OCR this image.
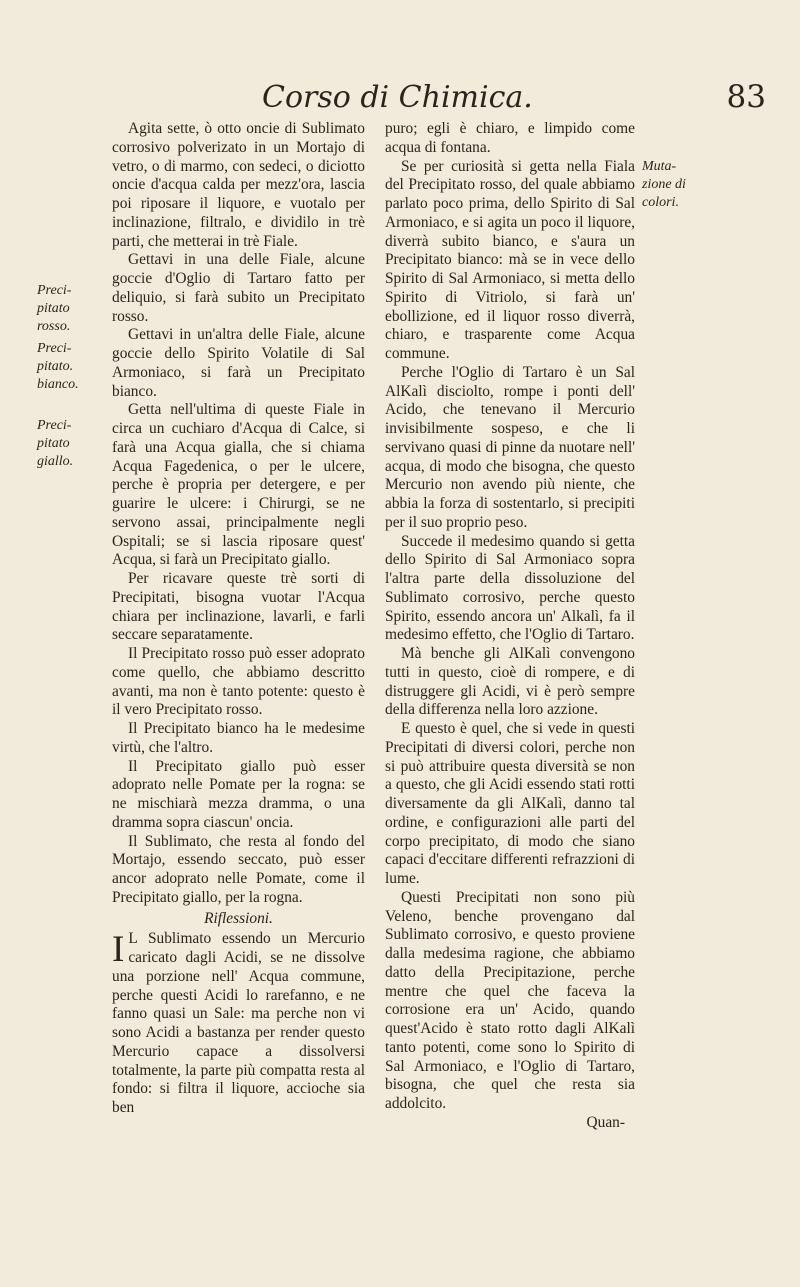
Corso di Chimica.	83
Preci-
pitato
rosso.
Preci-
pitato.
bianco.
Preci-
pitato
giallo.
Muta-
zione di
colori.

Agita sette, ò otto oncie di Sublimato corrosivo polverizato in un Mortajo di vetro, o di marmo, con sedeci, o diciotto oncie d'acqua calda per mezz'ora, lascia poi riposare il liquore, e vuotalo per inclinazione, filtralo, e dividilo in trè parti, che metterai in trè Fiale.

Gettavi in una delle Fiale, alcune goccie d'Oglio di Tartaro fatto per deliquio, si farà subito un Precipitato rosso.

Gettavi in un'altra delle Fiale, alcune goccie dello Spirito Volatile di Sal Armoniaco, si farà un Precipitato bianco.

Getta nell'ultima di queste Fiale in circa un cuchiaro d'Acqua di Calce, si farà una Acqua gialla, che si chiama Acqua Fagedenica, o per le ulcere, perche è propria per detergere, e per guarire le ulcere: i Chirurgi, se ne servono assai, principalmente negli Ospitali; se si lascia riposare quest' Acqua, si farà un Precipitato giallo.

Per ricavare queste trè sorti di Precipitati, bisogna vuotar l'Acqua chiara per inclinazione, lavarli, e farli seccare separatamente.

Il Precipitato rosso può esser adoprato come quello, che abbiamo descritto avanti, ma non è tanto potente: questo è il vero Precipitato rosso.

Il Precipitato bianco ha le medesime virtù, che l'altro.

Il Precipitato giallo può esser adoprato nelle Pomate per la rogna: se ne mischiarà mezza dramma, o una dramma sopra ciascun' oncia.

Il Sublimato, che resta al fondo del Mortajo, essendo seccato, può esser ancor adoprato nelle Pomate, come il Precipitato giallo, per la rogna.

Riflessioni.

I L Sublimato essendo un Mercurio caricato dagli Acidi, se ne dissolve una porzione nell' Acqua commune, perche questi Acidi lo rarefanno, e ne fanno quasi un Sale: ma perche non vi sono Acidi a bastanza per render questo Mercurio capace a dissolversi totalmente, la parte più compatta resta al fondo: si filtra il liquore, accioche sia ben

puro; egli è chiaro, e limpido come acqua di fontana.

Se per curiosità si getta nella Fiala del Precipitato rosso, del quale abbiamo parlato poco prima, dello Spirito di Sal Armoniaco, e si agita un poco il liquore, diverrà subito bianco, e s'aura un Precipitato bianco: mà se in vece dello Spirito di Sal Armoniaco, si metta dello Spirito di Vitriolo, si farà un' ebollizione, ed il liquor rosso diverrà, chiaro, e trasparente come Acqua commune.

Perche l'Oglio di Tartaro è un Sal AlKalì disciolto, rompe i ponti dell' Acido, che tenevano il Mercurio invisibilmente sospeso, e che li servivano quasi di pinne da nuotare nell' acqua, di modo che bisogna, che questo Mercurio non avendo più niente, che abbia la forza di sostentarlo, si precipiti per il suo proprio peso.

Succede il medesimo quando si getta dello Spirito di Sal Armoniaco sopra l'altra parte della dissoluzione del Sublimato corrosivo, perche questo Spirito, essendo ancora un' Alkalì, fa il medesimo effetto, che l'Oglio di Tartaro.

Mà benche gli AlKalì convengono tutti in questo, cioè di rompere, e di distruggere gli Acidi, vi è però sempre della differenza nella loro azzione.

E questo è quel, che si vede in questi Precipitati di diversi colori, perche non si può attribuire questa diversità se non a questo, che gli Acidi essendo stati rotti diversamente da gli AlKalì, danno tal ordine, e configurazioni alle parti del corpo precipitato, di modo che siano capaci d'eccitare differenti refrazzioni di lume.

Questi Precipitati non sono più Veleno, benche provengano dal Sublimato corrosivo, e questo proviene dalla medesima ragione, che abbiamo datto della Precipitazione, perche mentre che quel che faceva la corrosione era un' Acido, quando quest'Acido è stato rotto dagli AlKalì tanto potenti, come sono lo Spirito di Sal Armoniaco, e l'Oglio di Tartaro, bisogna, che quel che resta sia addolcito.

Quan-
